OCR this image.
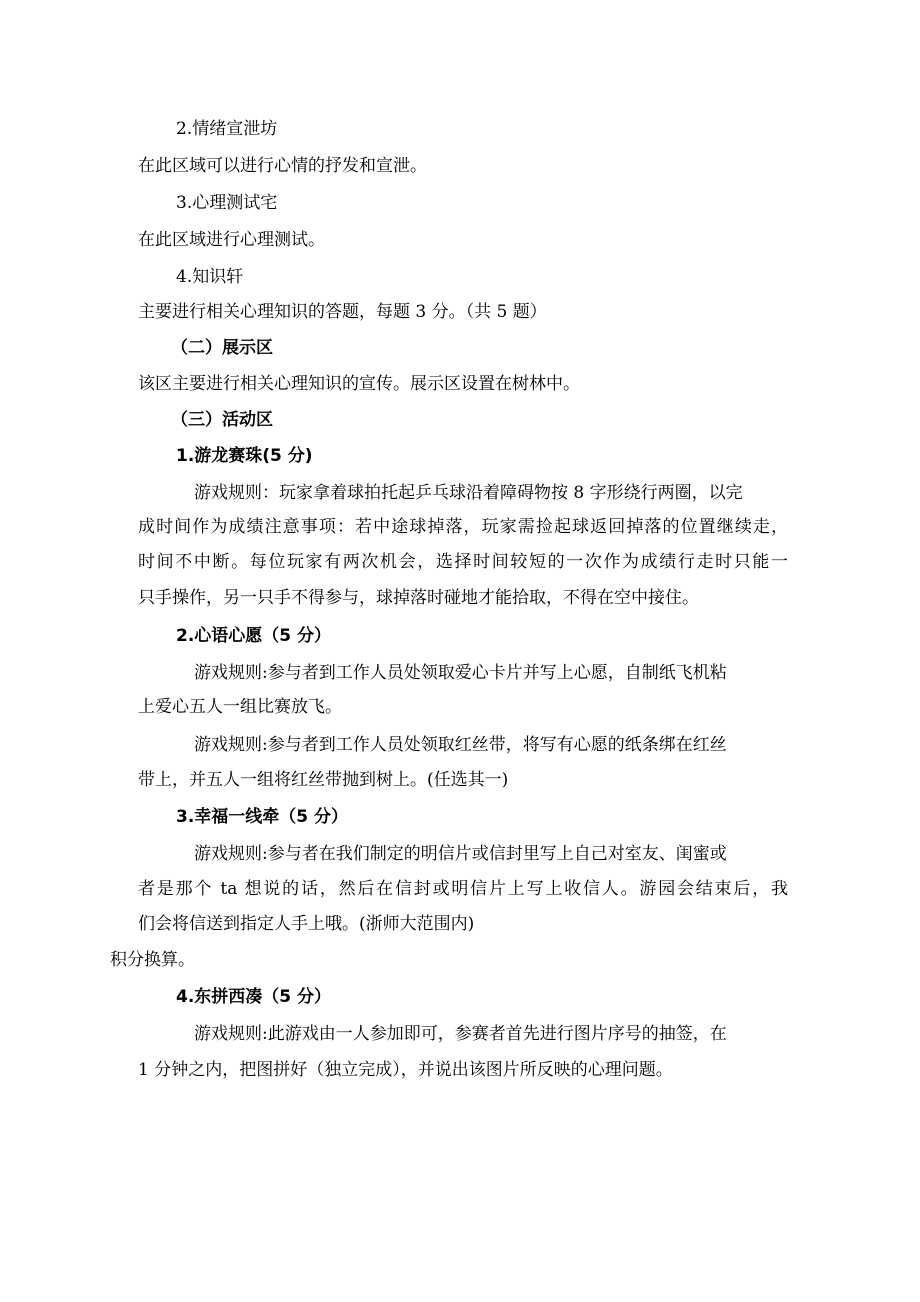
2.情绪宣泄坊
在此区域可以进行心情的抒发和宣泄。
3.心理测试宅
在此区域进行心理测试。
4.知识轩
主要进行相关心理知识的答题，每题 3 分。（共 5 题）
（二）展示区
该区主要进行相关心理知识的宣传。展示区设置在树林中。
（三）活动区
1.游龙赛珠(5 分)
游戏规则：玩家拿着球拍托起乒乓球沿着障碍物按 8 字形绕行两圈，以完
成时间作为成绩注意事项：若中途球掉落，玩家需捡起球返回掉落的位置继续走，
时间不中断。每位玩家有两次机会，选择时间较短的一次作为成绩行走时只能一
只手操作，另一只手不得参与，球掉落时碰地才能拾取，不得在空中接住。
2.心语心愿（5 分）
游戏规则:参与者到工作人员处领取爱心卡片并写上心愿，自制纸飞机粘
上爱心五人一组比赛放飞。
游戏规则:参与者到工作人员处领取红丝带，将写有心愿的纸条绑在红丝
带上，并五人一组将红丝带抛到树上。(任选其一)
3.幸福一线牵（5 分）
游戏规则:参与者在我们制定的明信片或信封里写上自己对室友、闺蜜或
者是那个 ta 想说的话，然后在信封或明信片上写上收信人。游园会结束后，我
们会将信送到指定人手上哦。(浙师大范围内)
积分换算。
4.东拼西凑（5 分）
游戏规则:此游戏由一人参加即可，参赛者首先进行图片序号的抽签，在
1 分钟之内，把图拼好（独立完成），并说出该图片所反映的心理问题。
